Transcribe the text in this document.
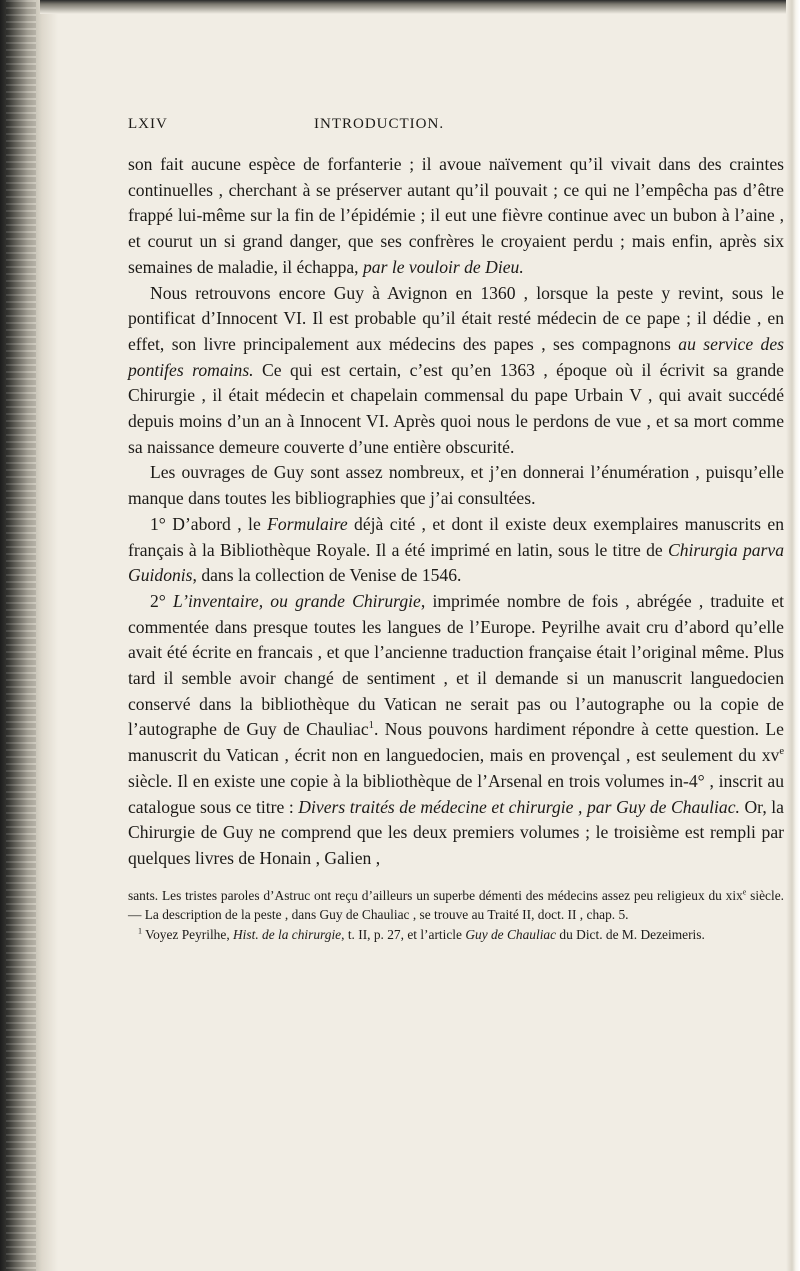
LXIV	INTRODUCTION.

son fait aucune espèce de forfanterie ; il avoue naïvement qu’il vivait dans des craintes continuelles , cherchant à se préserver autant qu’il pouvait ; ce qui ne l’empêcha pas d’être frappé lui-même sur la fin de l’épidémie ; il eut une fièvre continue avec un bubon à l’aine , et courut un si grand danger, que ses confrères le croyaient perdu ; mais enfin, après six semaines de maladie, il échappa, par le vouloir de Dieu.

Nous retrouvons encore Guy à Avignon en 1360 , lorsque la peste y revint, sous le pontificat d’Innocent VI. Il est probable qu’il était resté médecin de ce pape ; il dédie , en effet, son livre principalement aux médecins des papes , ses compagnons au service des pontifes romains. Ce qui est certain, c’est qu’en 1363 , époque où il écrivit sa grande Chirurgie , il était médecin et chapelain commensal du pape Urbain V , qui avait succédé depuis moins d’un an à Innocent VI. Après quoi nous le perdons de vue , et sa mort comme sa naissance demeure couverte d’une entière obscurité.

Les ouvrages de Guy sont assez nombreux, et j’en donnerai l’énumération , puisqu’elle manque dans toutes les bibliographies que j’ai consultées.

1° D’abord , le Formulaire déjà cité , et dont il existe deux exemplaires manuscrits en français à la Bibliothèque Royale. Il a été imprimé en latin, sous le titre de Chirurgia parva Guidonis, dans la collection de Venise de 1546.

2° L’inventaire, ou grande Chirurgie, imprimée nombre de fois , abrégée , traduite et commentée dans presque toutes les langues de l’Europe. Peyrilhe avait cru d’abord qu’elle avait été écrite en francais , et que l’ancienne traduction française était l’original même. Plus tard il semble avoir changé de sentiment , et il demande si un manuscrit languedocien conservé dans la bibliothèque du Vatican ne serait pas ou l’autographe ou la copie de l’autographe de Guy de Chauliac$^1$. Nous pouvons hardiment répondre à cette question. Le manuscrit du Vatican , écrit non en languedocien, mais en provençal , est seulement du $xv^e$ siècle. Il en existe une copie à la bibliothèque de l’Arsenal en trois volumes in-4° , inscrit au catalogue sous ce titre : Divers traités de médecine et chirurgie , par Guy de Chauliac. Or, la Chirurgie de Guy ne comprend que les deux premiers volumes ; le troisième est rempli par quelques livres de Honain , Galien ,

sants. Les tristes paroles d’Astruc ont reçu d’ailleurs un superbe démenti des médecins assez peu religieux du xix$^e$ siècle. — La description de la peste , dans Guy de Chauliac , se trouve au Traité II, doct. II , chap. 5.

$^1$ Voyez Peyrilhe, Hist. de la chirurgie, t. II, p. 27, et l’article Guy de Chauliac du Dict. de M. Dezeimeris.
